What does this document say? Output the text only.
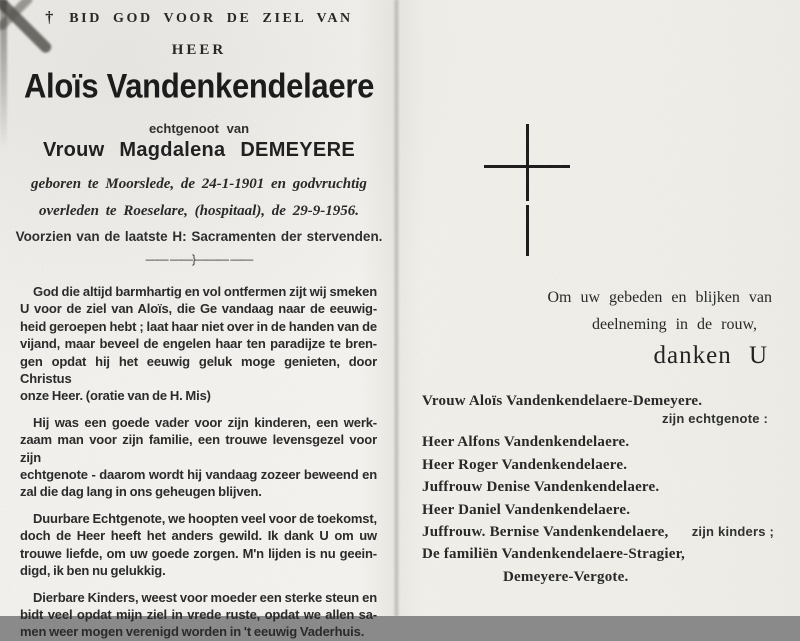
† BID GOD VOOR DE ZIEL VAN
HEER
Aloïs Vandenkendelaere
echtgenoot van
Vrouw Magdalena DEMEYERE
geboren te Moorslede, de 24-1-1901 en godvruchtig
overleden te Roeselare, (hospitaal), de 29-9-1956.
Voorzien van de laatste H: Sacramenten der stervenden.
―― ――}――― ――
God die altijd barmhartig en vol ontfermen zijt wij smeken
U voor de ziel van Aloïs, die Ge vandaag naar de eeuwig-
heid geroepen hebt ; laat haar niet over in de handen van de
vijand, maar beveel de engelen haar ten paradijze te bren-
gen opdat hij het eeuwig geluk moge genieten, door Christus
onze Heer. (oratie van de H. Mis)
Hij was een goede vader voor zijn kinderen, een werk-
zaam man voor zijn familie, een trouwe levensgezel voor zijn
echtgenote - daarom wordt hij vandaag zozeer beweend en
zal die dag lang in ons geheugen blijven.
Duurbare Echtgenote, we hoopten veel voor de toekomst,
doch de Heer heeft het anders gewild. Ik dank U om uw
trouwe liefde, om uw goede zorgen. M'n lijden is nu geein-
digd, ik ben nu gelukkig.
Dierbare Kinders, weest voor moeder een sterke steun en
bidt veel opdat mijn ziel in vrede ruste, opdat we allen sa-
men weer mogen verenigd worden in 't eeuwig Vaderhuis.
Om uw gebeden en blijken van
deelneming in de rouw,
danken U
Vrouw Aloïs Vandenkendelaere-Demeyere.
zijn echtgenote :
Heer Alfons Vandenkendelaere.
Heer Roger Vandenkendelaere.
Juffrouw Denise Vandenkendelaere.
Heer Daniel Vandenkendelaere.
Juffrouw. Bernise Vandenkendelaere, zijn kinders ;
De familiën Vandenkendelaere-Stragier,
Demeyere-Vergote.
